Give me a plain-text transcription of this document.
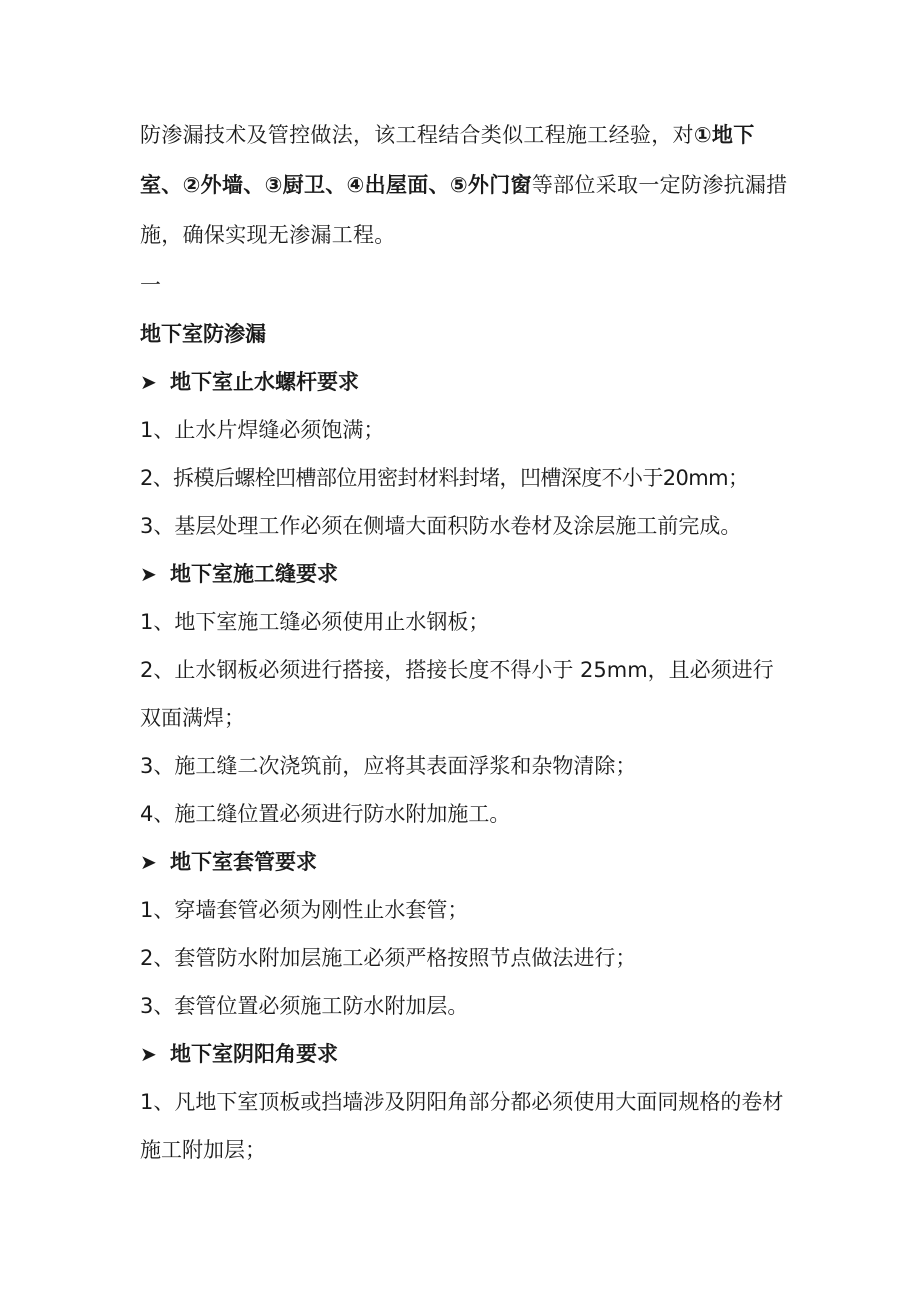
防渗漏技术及管控做法，该工程结合类似工程施工经验，对①地下室、②外墙、③厨卫、④出屋面、⑤外门窗等部位采取一定防渗抗漏措施，确保实现无渗漏工程。

一

地下室防渗漏

➤ 地下室止水螺杆要求

1、止水片焊缝必须饱满；

2、拆模后螺栓凹槽部位用密封材料封堵，凹槽深度不小于20mm；

3、基层处理工作必须在侧墙大面积防水卷材及涂层施工前完成。

➤ 地下室施工缝要求

1、地下室施工缝必须使用止水钢板；

2、止水钢板必须进行搭接，搭接长度不得小于 25mm，且必须进行双面满焊；

3、施工缝二次浇筑前，应将其表面浮浆和杂物清除；

4、施工缝位置必须进行防水附加施工。

➤ 地下室套管要求

1、穿墙套管必须为刚性止水套管；

2、套管防水附加层施工必须严格按照节点做法进行；

3、套管位置必须施工防水附加层。

➤ 地下室阴阳角要求

1、凡地下室顶板或挡墙涉及阴阳角部分都必须使用大面同规格的卷材施工附加层；
